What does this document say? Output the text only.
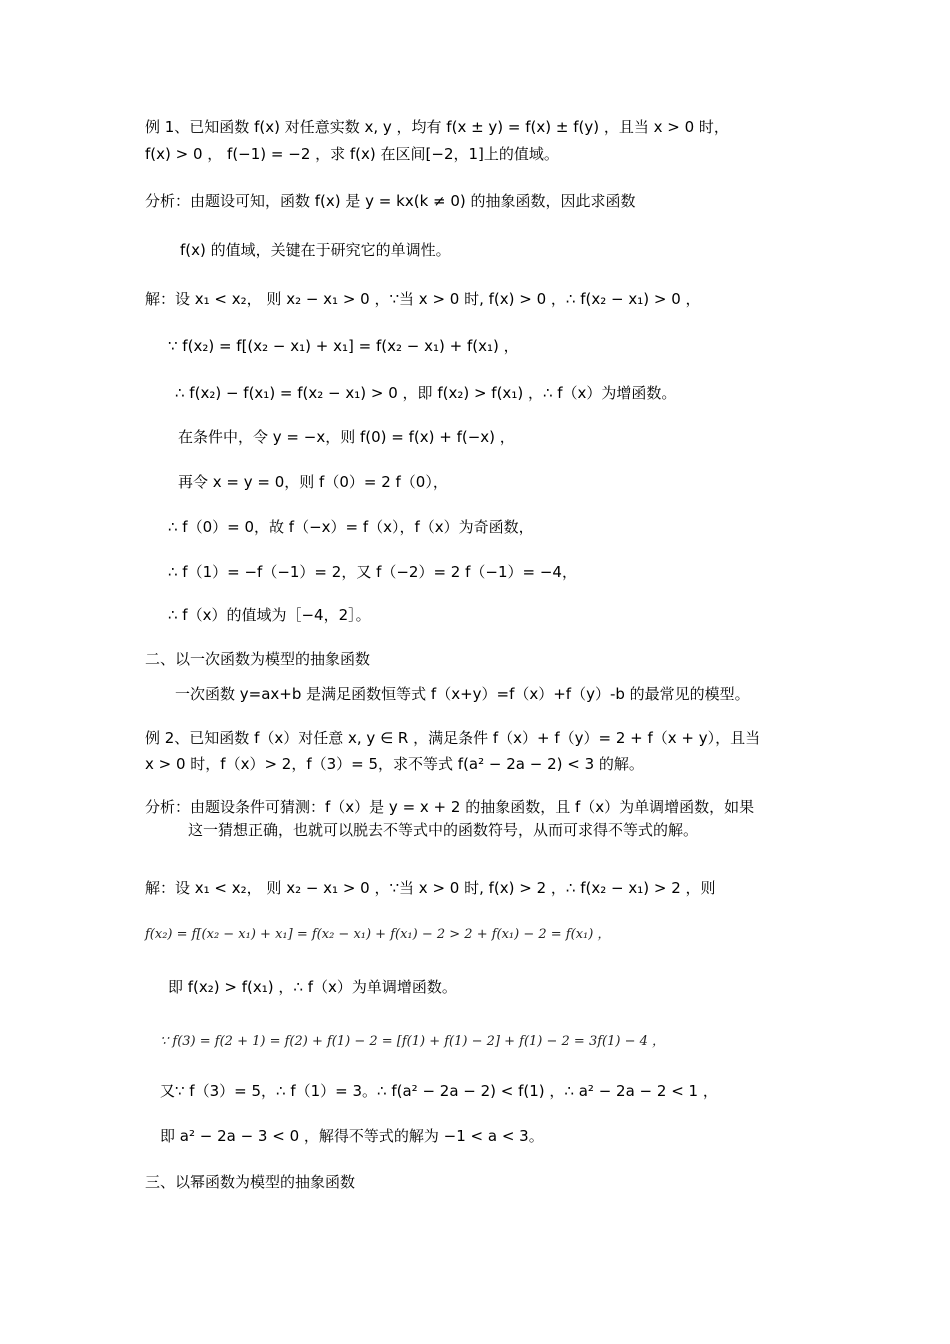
例 1、已知函数 f(x) 对任意实数 x, y ，均有 f(x ± y) = f(x) ± f(y) ，且当 x > 0 时，
f(x) > 0 ， f(−1) = −2 ，求 f(x) 在区间[−2，1]上的值域。
分析：由题设可知，函数 f(x) 是 y = kx(k ≠ 0) 的抽象函数，因此求函数
f(x) 的值域，关键在于研究它的单调性。
解：设 x₁ < x₂， 则 x₂ − x₁ > 0 ，∵当 x > 0 时, f(x) > 0 ，∴ f(x₂ − x₁) > 0 ，
∵ f(x₂) = f[(x₂ − x₁) + x₁] = f(x₂ − x₁) + f(x₁) ，
∴ f(x₂) − f(x₁) = f(x₂ − x₁) > 0 ，即 f(x₂) > f(x₁) ，∴ f（x）为增函数。
在条件中，令 y = −x，则 f(0) = f(x) + f(−x) ，
再令 x = y = 0，则 f（0）= 2 f（0），
∴ f（0）= 0，故 f（−x）= f（x），f（x）为奇函数，
∴ f（1）= −f（−1）= 2，又 f（−2）= 2 f（−1）= −4，
∴ f（x）的值域为［−4，2］。
二、以一次函数为模型的抽象函数
一次函数 y=ax+b 是满足函数恒等式 f（x+y）=f（x）+f（y）-b 的最常见的模型。
例 2、已知函数 f（x）对任意 x, y ∈ R ，满足条件 f（x）+ f（y）= 2 + f（x + y），且当
x > 0 时，f（x）> 2，f（3）= 5，求不等式 f(a² − 2a − 2) < 3 的解。
分析：由题设条件可猜测：f（x）是 y = x + 2 的抽象函数，且 f（x）为单调增函数，如果
这一猜想正确，也就可以脱去不等式中的函数符号，从而可求得不等式的解。
解：设 x₁ < x₂， 则 x₂ − x₁ > 0 ，∵当 x > 0 时, f(x) > 2 ，∴ f(x₂ − x₁) > 2 ，则
f(x₂) = f[(x₂ − x₁) + x₁] = f(x₂ − x₁) + f(x₁) − 2 > 2 + f(x₁) − 2 = f(x₁) ，
即 f(x₂) > f(x₁) ，∴ f（x）为单调增函数。
∵ f(3) = f(2 + 1) = f(2) + f(1) − 2 = [f(1) + f(1) − 2] + f(1) − 2 = 3f(1) − 4 ，
又∵ f（3）= 5，∴ f（1）= 3。∴ f(a² − 2a − 2) < f(1) ，∴ a² − 2a − 2 < 1 ，
即 a² − 2a − 3 < 0 ，解得不等式的解为 −1 < a < 3。
三、以幂函数为模型的抽象函数
